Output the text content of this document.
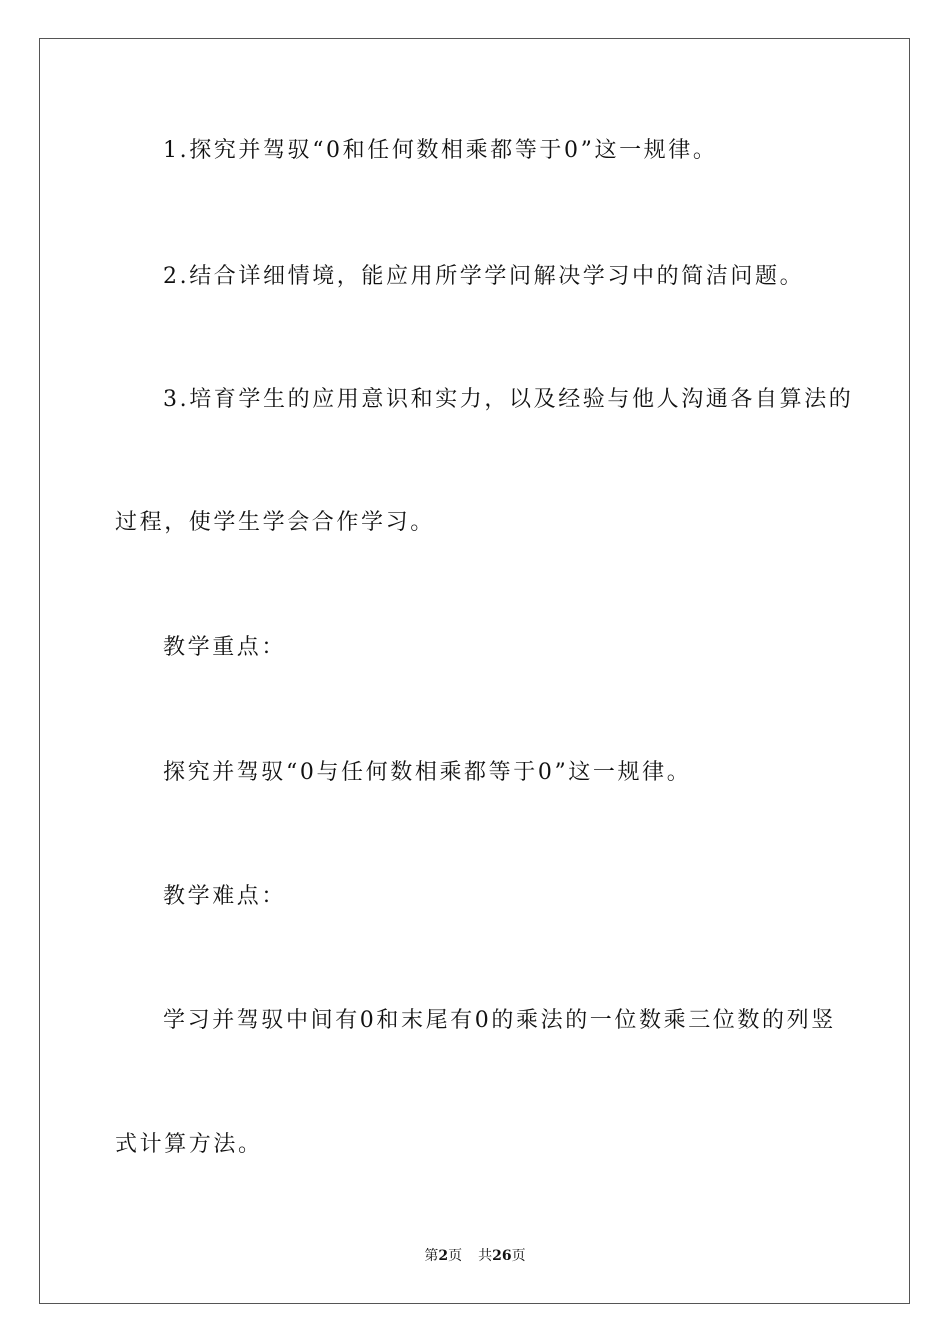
1.探究并驾驭“0和任何数相乘都等于0”这一规律。

2.结合详细情境，能应用所学学问解决学习中的简洁问题。

3.培育学生的应用意识和实力，以及经验与他人沟通各自算法的

过程，使学生学会合作学习。

教学重点：

探究并驾驭“0与任何数相乘都等于0”这一规律。

教学难点：

学习并驾驭中间有0和末尾有0的乘法的一位数乘三位数的列竖

式计算方法。

第2页 共26页
